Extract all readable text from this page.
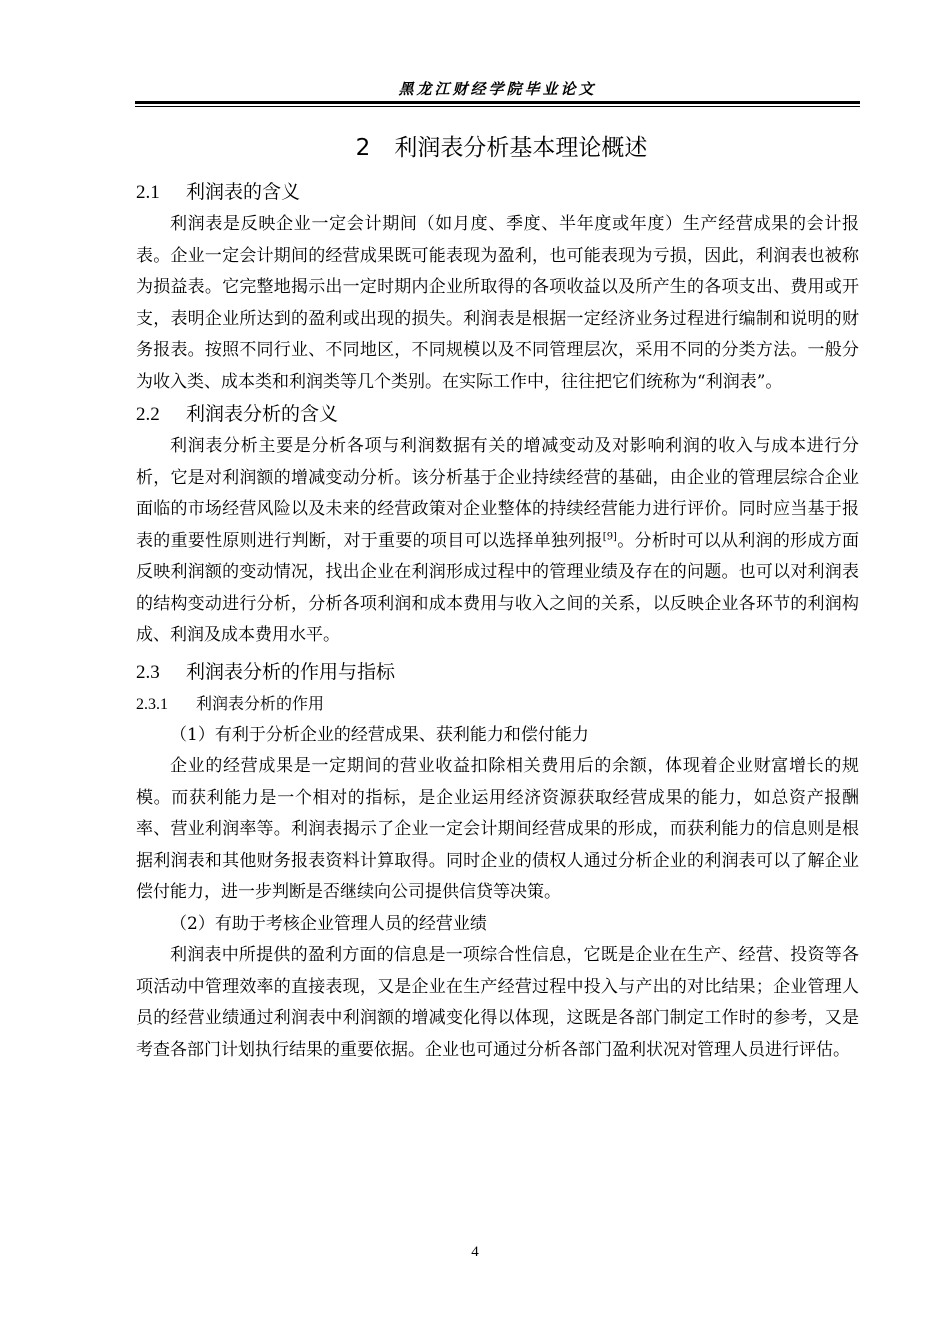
黑龙江财经学院毕业论文
2 利润表分析基本理论概述
2.1 利润表的含义

利润表是反映企业一定会计期间（如月度、季度、半年度或年度）生产经营成果的会计报表。企业一定会计期间的经营成果既可能表现为盈利，也可能表现为亏损，因此，利润表也被称为损益表。它完整地揭示出一定时期内企业所取得的各项收益以及所产生的各项支出、费用或开支，表明企业所达到的盈利或出现的损失。利润表是根据一定经济业务过程进行编制和说明的财务报表。按照不同行业、不同地区，不同规模以及不同管理层次，采用不同的分类方法。一般分为收入类、成本类和利润类等几个类别。在实际工作中，往往把它们统称为“利润表”。

2.2 利润表分析的含义

利润表分析主要是分析各项与利润数据有关的增减变动及对影响利润的收入与成本进行分析，它是对利润额的增减变动分析。该分析基于企业持续经营的基础，由企业的管理层综合企业面临的市场经营风险以及未来的经营政策对企业整体的持续经营能力进行评价。同时应当基于报表的重要性原则进行判断，对于重要的项目可以选择单独列报[9]。分析时可以从利润的形成方面反映利润额的变动情况，找出企业在利润形成过程中的管理业绩及存在的问题。也可以对利润表的结构变动进行分析，分析各项利润和成本费用与收入之间的关系，以反映企业各环节的利润构成、利润及成本费用水平。

2.3 利润表分析的作用与指标
2.3.1 利润表分析的作用

（1）有利于分析企业的经营成果、获利能力和偿付能力

企业的经营成果是一定期间的营业收益扣除相关费用后的余额，体现着企业财富增长的规模。而获利能力是一个相对的指标，是企业运用经济资源获取经营成果的能力，如总资产报酬率、营业利润率等。利润表揭示了企业一定会计期间经营成果的形成，而获利能力的信息则是根据利润表和其他财务报表资料计算取得。同时企业的债权人通过分析企业的利润表可以了解企业偿付能力，进一步判断是否继续向公司提供信贷等决策。

（2）有助于考核企业管理人员的经营业绩

利润表中所提供的盈利方面的信息是一项综合性信息，它既是企业在生产、经营、投资等各项活动中管理效率的直接表现，又是企业在生产经营过程中投入与产出的对比结果；企业管理人员的经营业绩通过利润表中利润额的增减变化得以体现，这既是各部门制定工作时的参考，又是考查各部门计划执行结果的重要依据。企业也可通过分析各部门盈利状况对管理人员进行评估。

4
